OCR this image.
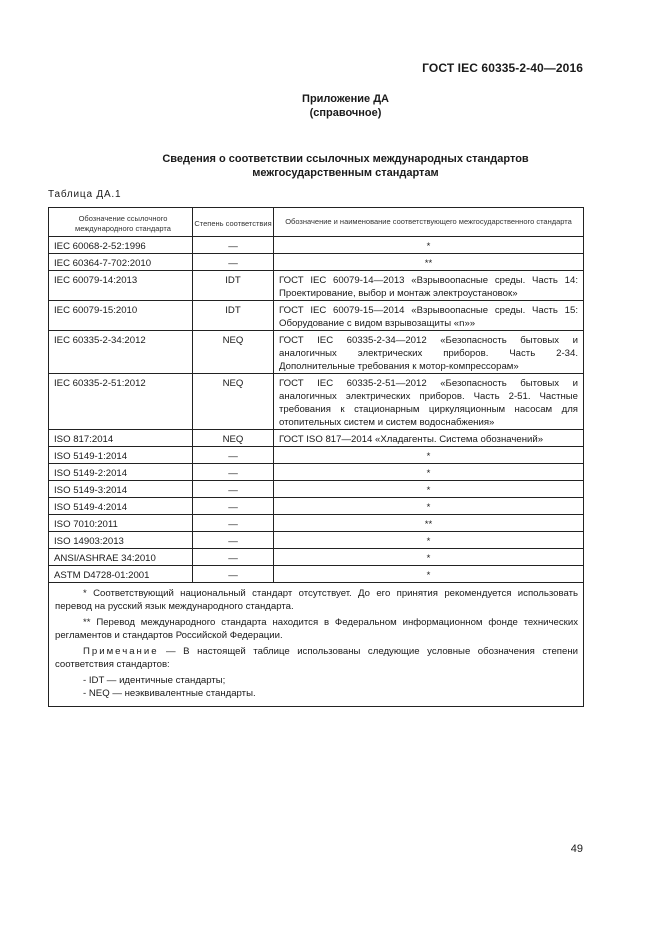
ГОСТ IEC 60335-2-40—2016
Приложение ДА
(справочное)
Сведения о соответствии ссылочных международных стандартов
межгосударственным стандартам
Таблица ДА.1
Обозначение ссылочного международного стандарта	Степень соответствия	Обозначение и наименование соответствующего межгосударственного стандарта
IEC 60068-2-52:1996	—	*
IEC 60364-7-702:2010	—	**
IEC 60079-14:2013	IDT	ГОСТ IEC 60079-14—2013 «Взрывоопасные среды. Часть 14: Проектирование, выбор и монтаж электроустановок»
IEC 60079-15:2010	IDT	ГОСТ IEC 60079-15—2014 «Взрывоопасные среды. Часть 15: Оборудование с видом взрывозащиты «n»»
IEC 60335-2-34:2012	NEQ	ГОСТ IEC 60335-2-34—2012 «Безопасность бытовых и аналогичных электрических приборов. Часть 2-34. Дополнительные требования к мотор-компрессорам»
IEC 60335-2-51:2012	NEQ	ГОСТ IEC 60335-2-51—2012 «Безопасность бытовых и аналогичных электрических приборов. Часть 2-51. Частные требования к стационарным циркуляционным насосам для отопительных систем и систем водоснабжения»
ISO 817:2014	NEQ	ГОСТ ISO 817—2014 «Хладагенты. Система обозначений»
ISO 5149-1:2014	—	*
ISO 5149-2:2014	—	*
ISO 5149-3:2014	—	*
ISO 5149-4:2014	—	*
ISO 7010:2011	—	**
ISO 14903:2013	—	*
ANSI/ASHRAE 34:2010	—	*
ASTM D4728-01:2001	—	*

* Соответствующий национальный стандарт отсутствует. До его принятия рекомендуется использовать перевод на русский язык международного стандарта.
** Перевод международного стандарта находится в Федеральном информационном фонде технических регламентов и стандартов Российской Федерации.
Примечание — В настоящей таблице использованы следующие условные обозначения степени соответствия стандартов:
- IDT — идентичные стандарты;
- NEQ — неэквивалентные стандарты.		
49
